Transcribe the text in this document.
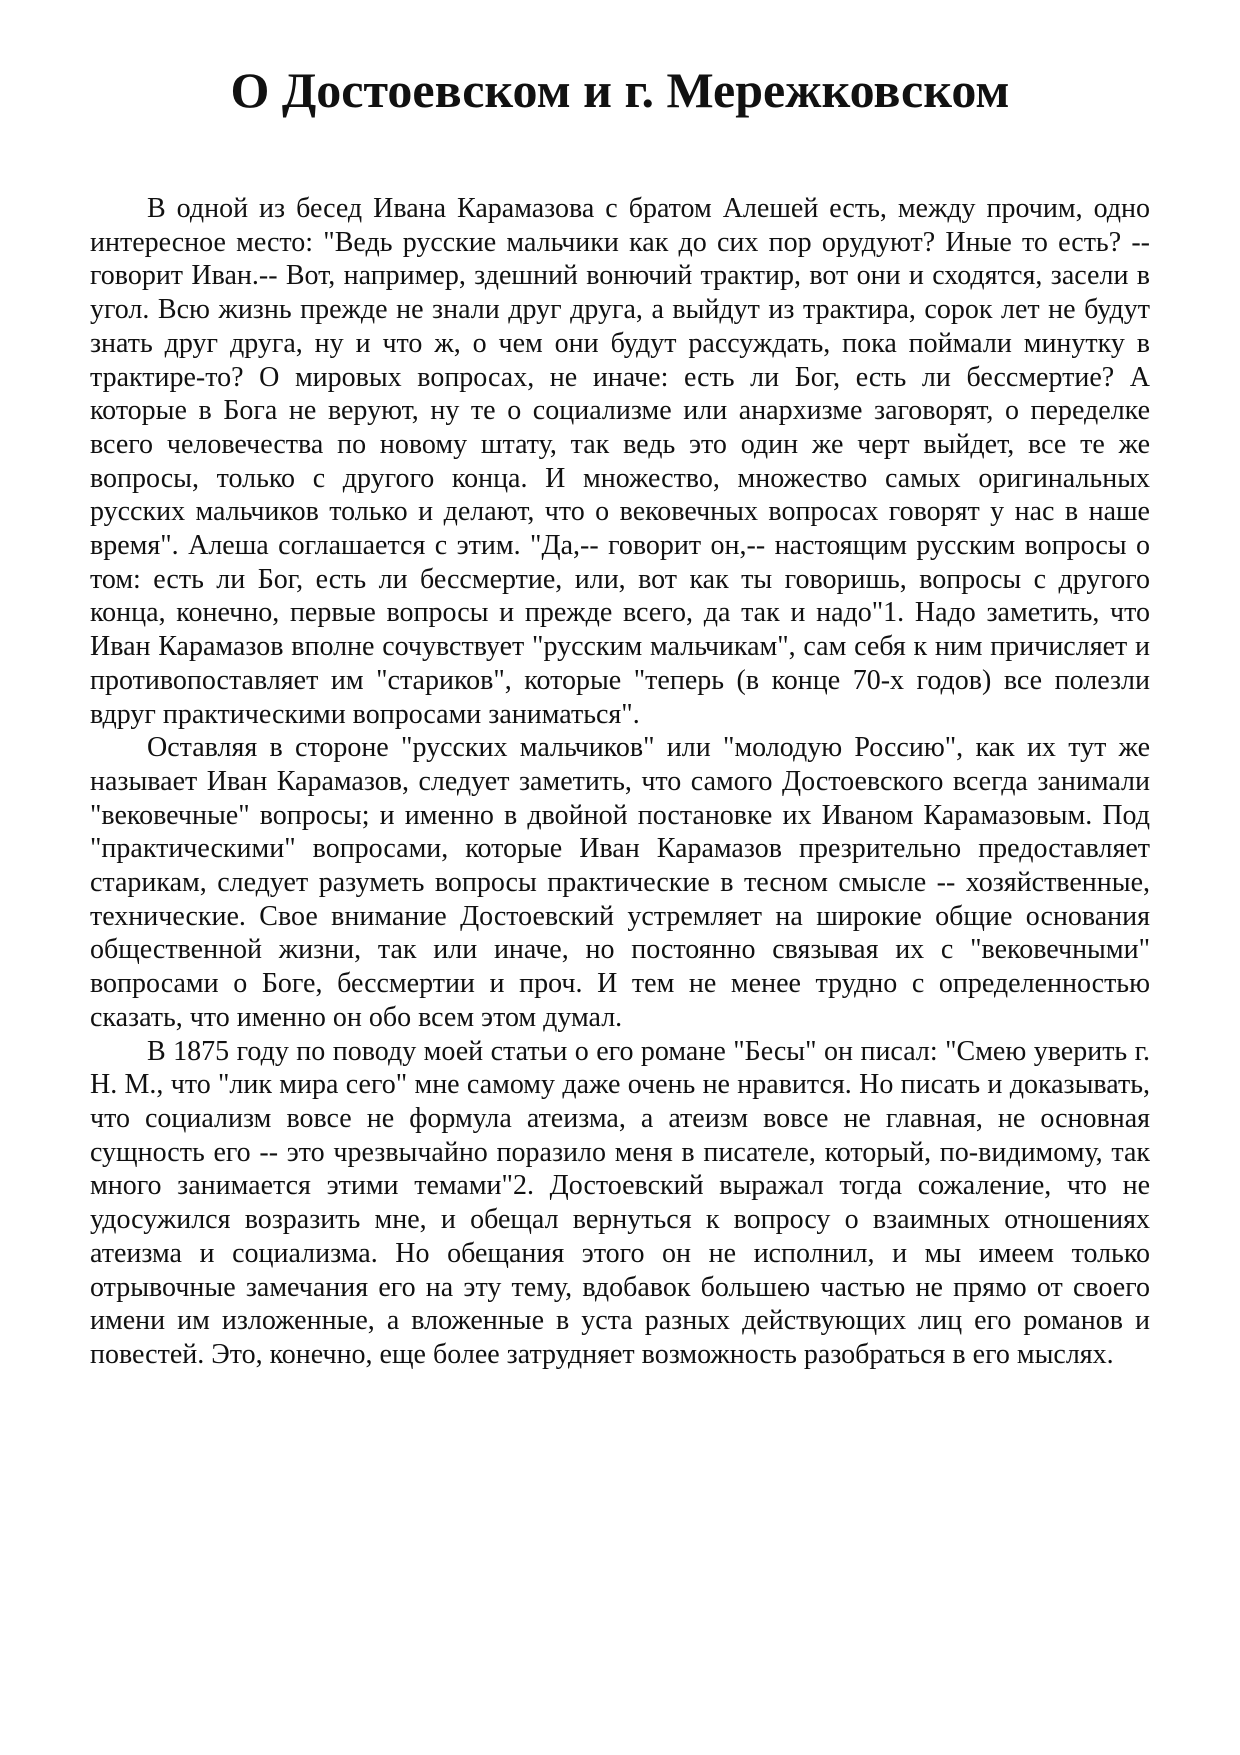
О Достоевском и г. Мережковском

В одной из бесед Ивана Карамазова с братом Алешей есть, между прочим, одно интересное место: "Ведь русские мальчики как до сих пор орудуют? Иные то есть? -- говорит Иван.-- Вот, например, здешний вонючий трактир, вот они и сходятся, засели в угол. Всю жизнь прежде не знали друг друга, а выйдут из трактира, сорок лет не будут знать друг друга, ну и что ж, о чем они будут рассуждать, пока поймали минутку в трактире-то? О мировых вопросах, не иначе: есть ли Бог, есть ли бессмертие? А которые в Бога не веруют, ну те о социализме или анархизме заговорят, о переделке всего человечества по новому штату, так ведь это один же черт выйдет, все те же вопросы, только с другого конца. И множество, множество самых оригинальных русских мальчиков только и делают, что о вековечных вопросах говорят у нас в наше время". Алеша соглашается с этим. "Да,-- говорит он,-- настоящим русским вопросы о том: есть ли Бог, есть ли бессмертие, или, вот как ты говоришь, вопросы с другого конца, конечно, первые вопросы и прежде всего, да так и надо"1. Надо заметить, что Иван Карамазов вполне сочувствует "русским мальчикам", сам себя к ним причисляет и противопоставляет им "стариков", которые "теперь (в конце 70-х годов) все полезли вдруг практическими вопросами заниматься".

Оставляя в стороне "русских мальчиков" или "молодую Россию", как их тут же называет Иван Карамазов, следует заметить, что самого Достоевского всегда занимали "вековечные" вопросы; и именно в двойной постановке их Иваном Карамазовым. Под "практическими" вопросами, которые Иван Карамазов презрительно предоставляет старикам, следует разуметь вопросы практические в тесном смысле -- хозяйственные, технические. Свое внимание Достоевский устремляет на широкие общие основания общественной жизни, так или иначе, но постоянно связывая их с "вековечными" вопросами о Боге, бессмертии и проч. И тем не менее трудно с определенностью сказать, что именно он обо всем этом думал.

В 1875 году по поводу моей статьи о его романе "Бесы" он писал: "Смею уверить г. Н. М., что "лик мира сего" мне самому даже очень не нравится. Но писать и доказывать, что социализм вовсе не формула атеизма, а атеизм вовсе не главная, не основная сущность его -- это чрезвычайно поразило меня в писателе, который, по-видимому, так много занимается этими темами"2. Достоевский выражал тогда сожаление, что не удосужился возразить мне, и обещал вернуться к вопросу о взаимных отношениях атеизма и социализма. Но обещания этого он не исполнил, и мы имеем только отрывочные замечания его на эту тему, вдобавок большею частью не прямо от своего имени им изложенные, а вложенные в уста разных действующих лиц его романов и повестей. Это, конечно, еще более затрудняет возможность разобраться в его мыслях.
